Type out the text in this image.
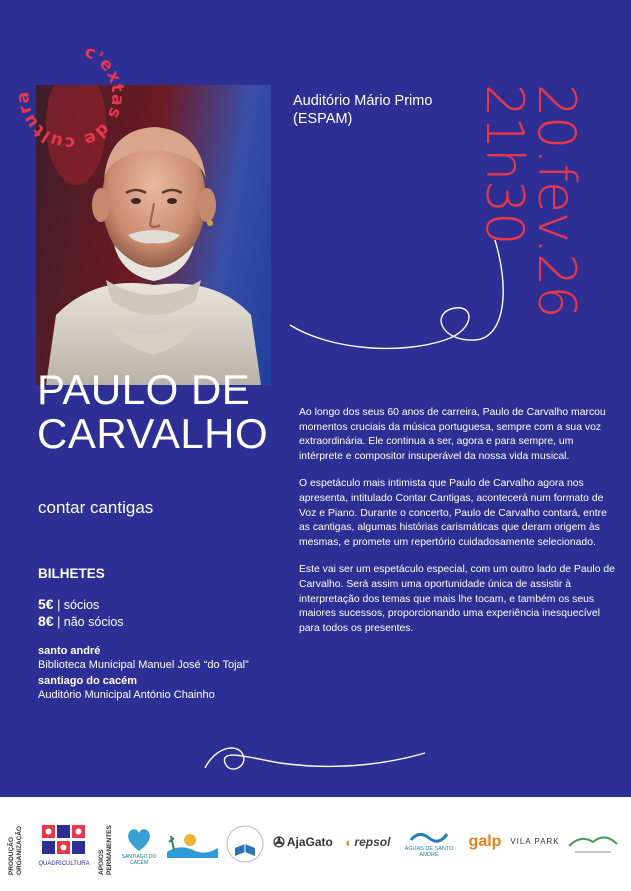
c'extas de cultura	Auditório Mário Primo
(ESPAM)	20.fev.26
21h30
PAULO DE
CARVALHO
contar cantigas
BILHETES
5€ | sócios
8€ | não sócios
santo andré
Biblioteca Municipal Manuel José “do Tojal”
santiago do cacém
Auditório Municipal António Chainho

Ao longo dos seus 60 anos de carreira, Paulo de Carvalho marcou momentos cruciais da música portuguesa, sempre com a sua voz extraordinária. Ele continua a ser, agora e para sempre, um intérprete e compositor insuperável da nossa vida musical.

O espetáculo mais intimista que Paulo de Carvalho agora nos apresenta, intitulado Contar Cantigas, acontecerá num formato de Voz e Piano. Durante o concerto, Paulo de Carvalho contará, entre as cantigas, algumas histórias carismáticas que deram origem às mesmas, e promete um repertório cuidadosamente selecionado.

Este vai ser um espetáculo especial, com um outro lado de Paulo de Carvalho. Será assim uma oportunidade única de assistir à interpretação dos temas que mais lhe tocam, e também os seus maiores sucessos, proporcionando uma experiência inesquecível para todos os presentes.

PRODUÇÃO ORGANIZAÇÃO	QUADRICULTURA APOIOS PERMANENTES	SANTIAGO DO CACÉM
✇ AjaGato ◖ repsol	ÁGUAS DE SANTO ANDRÉ
galp VILA PARK
